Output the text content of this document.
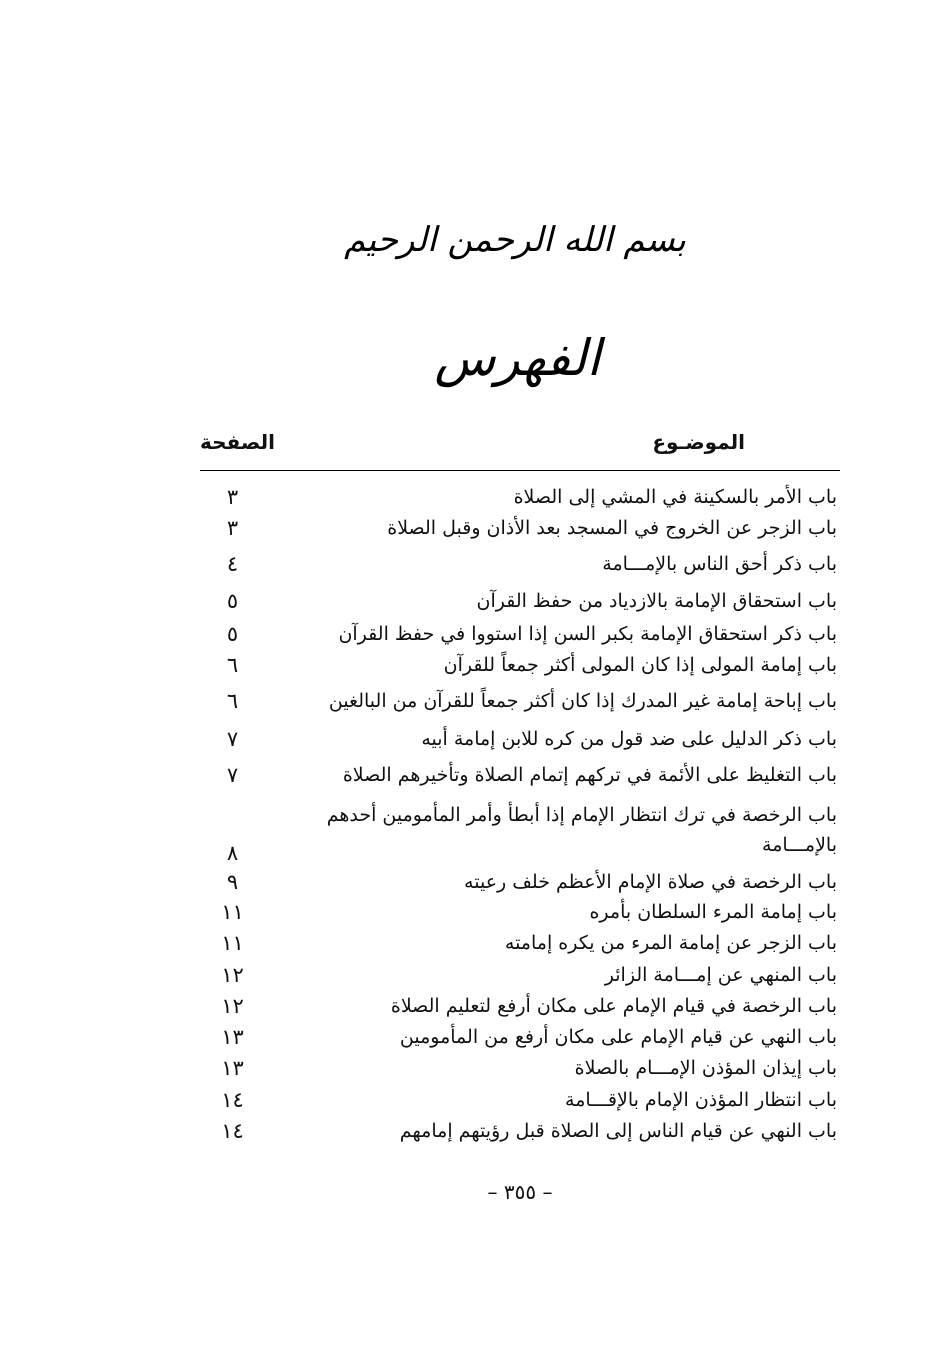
بسم الله الرحمن الرحيم
الفهرس
الموضـوع
الصفحة
باب الأمر بالسكينة في المشي إلى الصلاة
٣
باب الزجر عن الخروج في المسجد بعد الأذان وقبل الصلاة
٣
باب ذكر أحق الناس بالإمـــامة
٤
باب استحقاق الإمامة بالازدياد من حفظ القرآن
٥
باب ذكر استحقاق الإمامة بكبر السن إذا استووا في حفظ القرآن
٥
باب إمامة المولى إذا كان المولى أكثر جمعاً للقرآن
٦
باب إباحة إمامة غير المدرك إذا كان أكثر جمعاً للقرآن من البالغين
٦
باب ذكر الدليل على ضد قول من كره للابن إمامة أبيه
٧
باب التغليظ على الأئمة في تركهم إتمام الصلاة وتأخيرهم الصلاة
٧
باب الرخصة في ترك انتظار الإمام إذا أبطأ وأمر المأمومين أحدهم بالإمـــامة
٨
باب الرخصة في صلاة الإمام الأعظم خلف رعيته
٩
باب إمامة المرء السلطان بأمره
١١
باب الزجر عن إمامة المرء من يكره إمامته
١١
باب المنهي عن إمـــامة الزائر
١٢
باب الرخصة في قيام الإمام على مكان أرفع لتعليم الصلاة
١٢
باب النهي عن قيام الإمام على مكان أرفع من المأمومين
١٣
باب إيذان المؤذن الإمـــام بالصلاة
١٣
باب انتظار المؤذن الإمام بالإقـــامة
١٤
باب النهي عن قيام الناس إلى الصلاة قبل رؤيتهم إمامهم
١٤
– ٣٥٥ –
